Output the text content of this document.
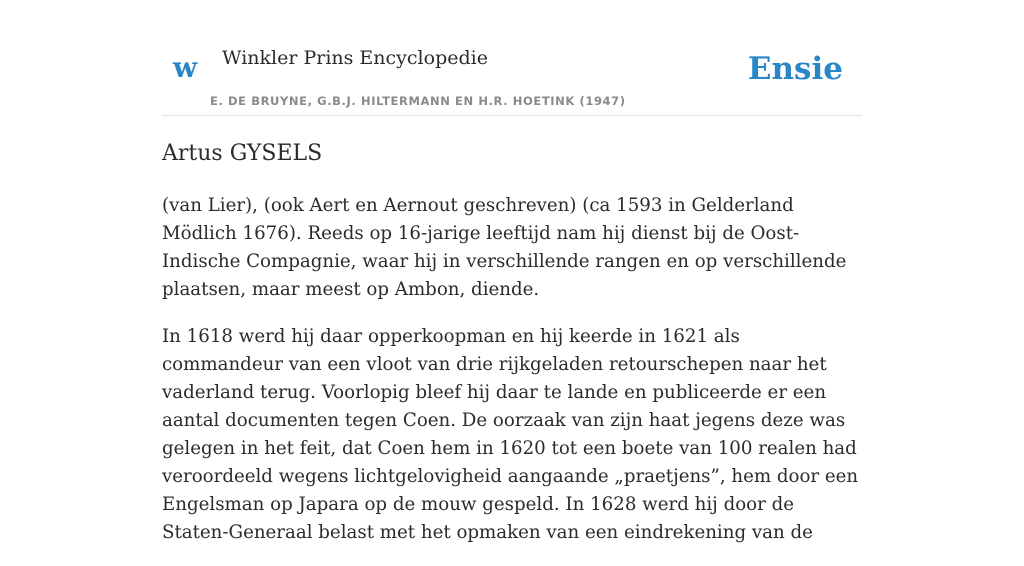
w Winkler Prins Encyclopedie
E. DE BRUYNE, G.B.J. HILTERMANN EN H.R. HOETINK (1947)
Ensie
Artus GYSELS

(van Lier), (ook Aert en Aernout geschreven) (ca 1593 in Gelderland Mödlich 1676). Reeds op 16-jarige leeftijd nam hij dienst bij de Oost-Indische Compagnie, waar hij in verschillende rangen en op verschillende plaatsen, maar meest op Ambon, diende.

In 1618 werd hij daar opperkoopman en hij keerde in 1621 als commandeur van een vloot van drie rijkgeladen retourschepen naar het vaderland terug. Voorlopig bleef hij daar te lande en publiceerde er een aantal documenten tegen Coen. De oorzaak van zijn haat jegens deze was gelegen in het feit, dat Coen hem in 1620 tot een boete van 100 realen had veroordeeld wegens lichtgelovigheid aangaande „praetjens”, hem door een Engelsman op Japara op de mouw gespeld. In 1628 werd hij door de Staten-Generaal belast met het opmaken van een eindrekening van de
